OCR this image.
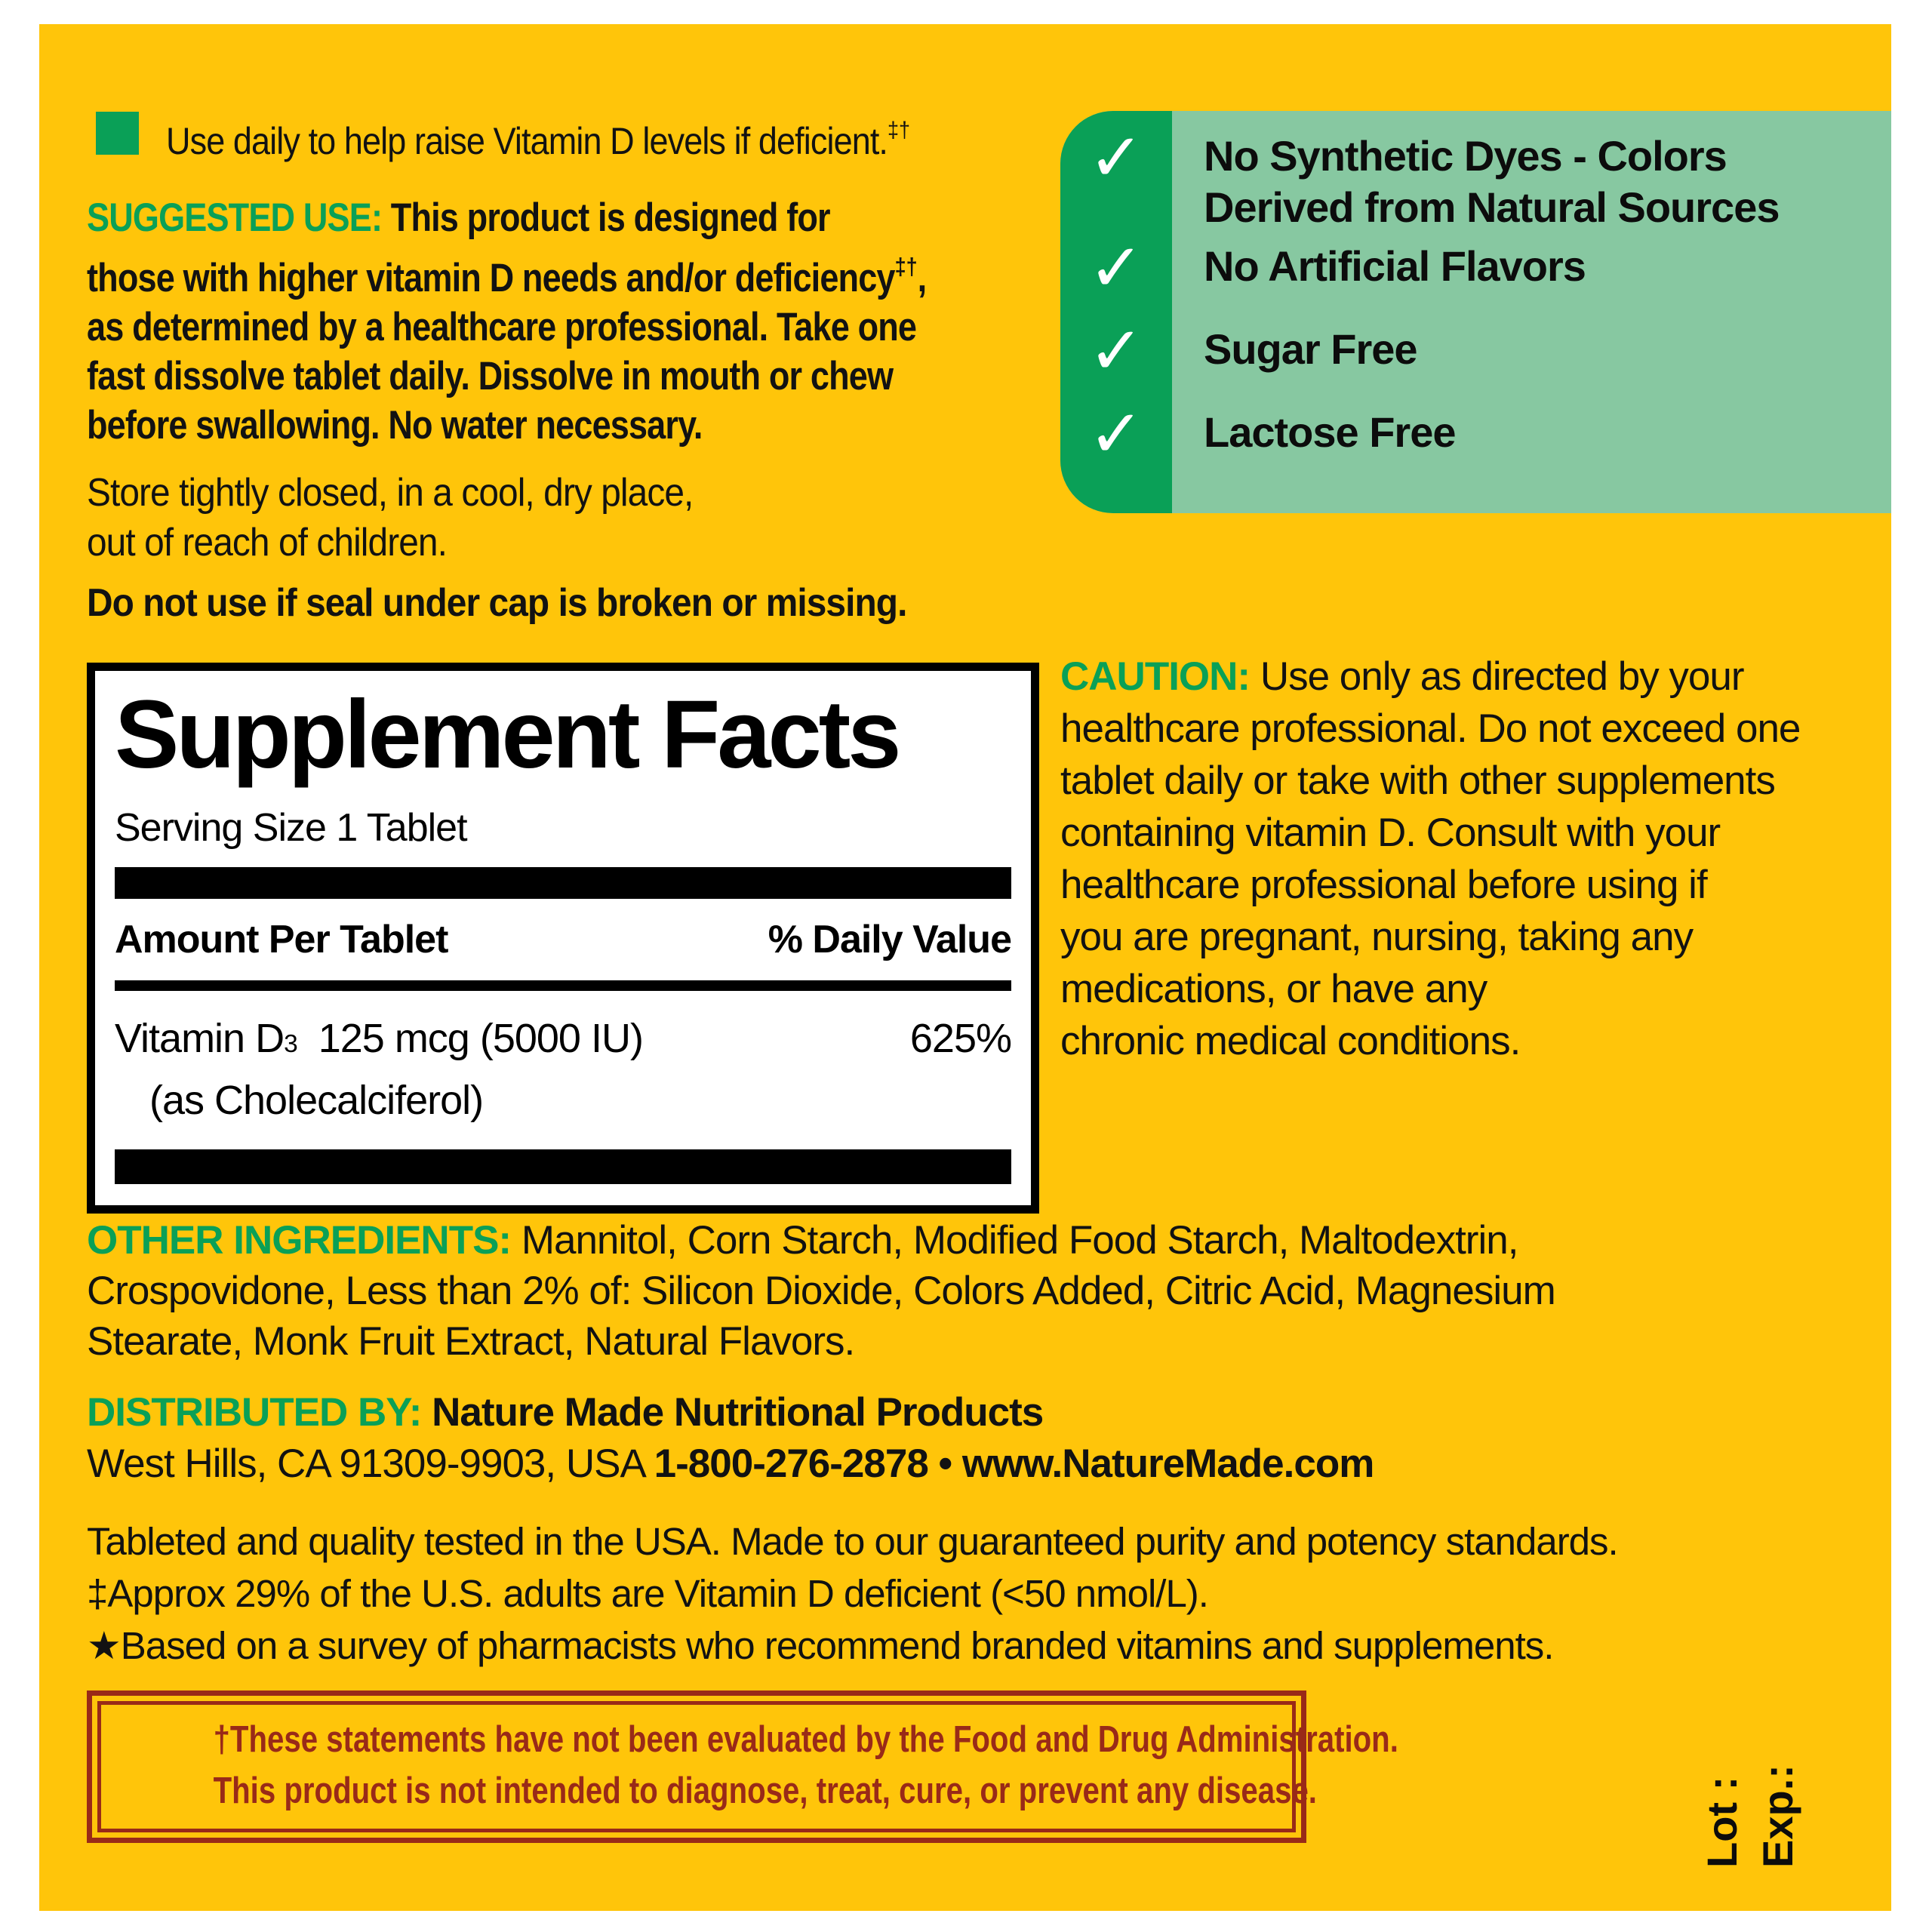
Use daily to help raise Vitamin D levels if deficient.‡†
SUGGESTED USE: This product is designed for
those with higher vitamin D needs and/or deficiency‡†,
as determined by a healthcare professional. Take one
fast dissolve tablet daily. Dissolve in mouth or chew
before swallowing. No water necessary.
Store tightly closed, in a cool, dry place,
out of reach of children.
Do not use if seal under cap is broken or missing.
Supplement Facts
Serving Size 1 Tablet
Amount Per Tablet	% Daily Value
Vitamin D3 125 mcg (5000 IU)	625%
(as Cholecalciferol)
✓	No Synthetic Dyes - Colors
Derived from Natural Sources
✓	No Artificial Flavors
✓	Sugar Free
✓	Lactose Free
CAUTION: Use only as directed by your
healthcare professional. Do not exceed one
tablet daily or take with other supplements
containing vitamin D. Consult with your
healthcare professional before using if
you are pregnant, nursing, taking any
medications, or have any
chronic medical conditions.
OTHER INGREDIENTS: Mannitol, Corn Starch, Modified Food Starch, Maltodextrin,
Crospovidone, Less than 2% of: Silicon Dioxide, Colors Added, Citric Acid, Magnesium
Stearate, Monk Fruit Extract, Natural Flavors.
DISTRIBUTED BY: Nature Made Nutritional Products
West Hills, CA 91309-9903, USA 1-800-276-2878 • www.NatureMade.com
Tableted and quality tested in the USA. Made to our guaranteed purity and potency standards.
‡Approx 29% of the U.S. adults are Vitamin D deficient (<50 nmol/L).
★Based on a survey of pharmacists who recommend branded vitamins and supplements.
†These statements have not been evaluated by the Food and Drug Administration.
This product is not intended to diagnose, treat, cure, or prevent any disease.	Lot : Exp.:
